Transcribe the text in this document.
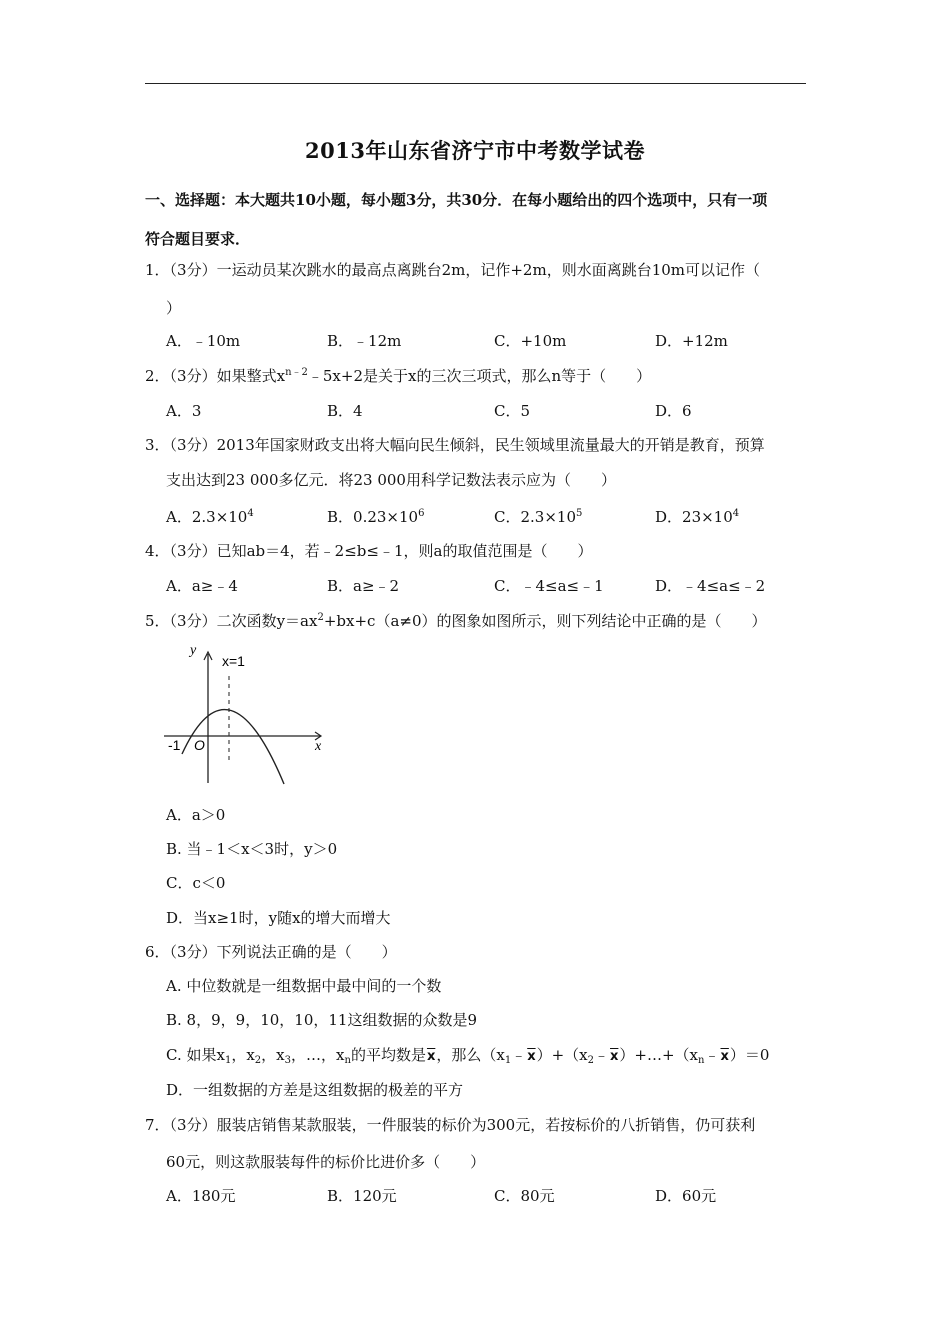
2013年山东省济宁市中考数学试卷
一、选择题：本大题共10小题，每小题3分，共30分．在每小题给出的四个选项中，只有一项
符合题目要求．
1．（3分）一运动员某次跳水的最高点离跳台2m，记作+2m，则水面离跳台10m可以记作（
）
A．﹣10m	B．﹣12m	C．+10m	D．+12m
2．（3分）如果整式$x^{n﹣2}﹣5x+2$是关于x的三次三项式，那么n等于（　　）
A．3	B．4	C．5	D．6
3．（3分）2013年国家财政支出将大幅向民生倾斜，民生领域里流量最大的开销是教育，预算
支出达到23 000多亿元．将23 000用科学记数法表示应为（　　）
A．$2.3\times 10^4$	B．$0.23\times 10^6$	C．$2.3\times 10^5$	D．$23\times 10^4$
4．（3分）已知ab＝4，若﹣2≤b≤﹣1，则a的取值范围是（　　）
A．a≥﹣4	B．a≥﹣2	C．﹣4≤a≤﹣1	D．﹣4≤a≤﹣2
5．（3分）二次函数$y=ax^2+bx+c(a\ne 0)$的图象如图所示，则下列结论中正确的是（　　）
y
x
x=1
O
-1
A．a＞0
B. 当﹣1＜x＜3时，y＞0
C．c＜0
D．当x≥1时，y随x的增大而增大
6．（3分）下列说法正确的是（　　）
A. 中位数就是一组数据中最中间的一个数
B. 8，9，9，10，10，11这组数据的众数是9
C. 如果$x_1$，$x_2$，$x_3$，…，$x_n$的平均数是$\overline{x}$，那么$(x_1﹣\overline{x})+(x_2﹣\overline{x})+\dots+(x_n﹣\overline{x})=0$
D．一组数据的方差是这组数据的极差的平方
7．（3分）服装店销售某款服装，一件服装的标价为300元，若按标价的八折销售，仍可获利
60元，则这款服装每件的标价比进价多（　　）
A．180元	B．120元	C．80元	D．60元
